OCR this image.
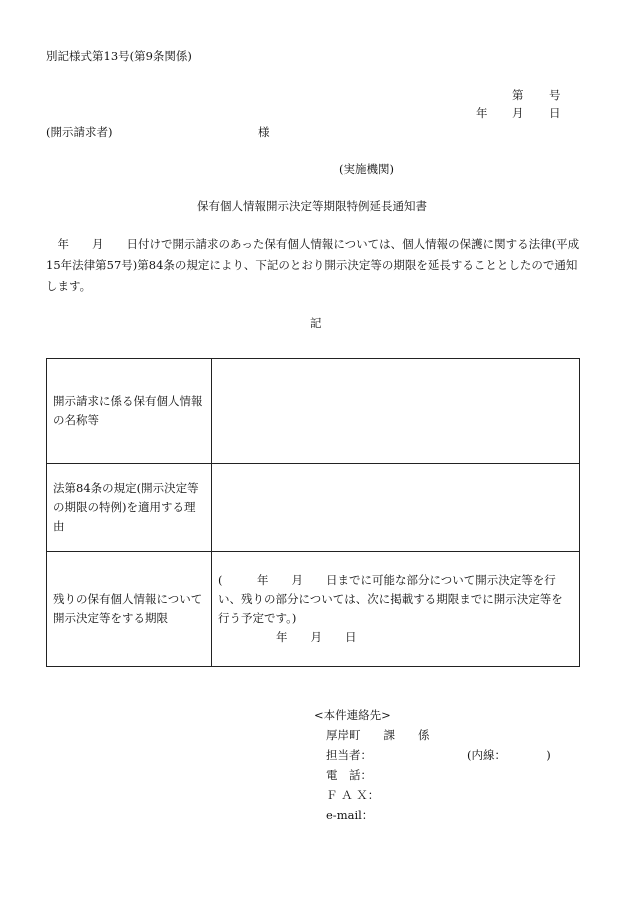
別記様式第13号(第9条関係)
第 号
年 月 日
(開示請求者)	様
(実施機関)
保有個人情報開示決定等期限特例延長通知書
　年　　月　　日付けで開示請求のあった保有個人情報については、個人情報の保護に関する法律(平成15年法律第57号)第84条の規定により、下記のとおり開示決定等の期限を延長することとしたので通知します。
記
開示請求に係る保有個人情報の名称等	
法第84条の規定(開示決定等の期限の特例)を適用する理由	
残りの保有個人情報について開示決定等をする期限	(　　　年　　月　　日までに可能な部分について開示決定等を行い、残りの部分については、次に掲載する期限までに開示決定等を行う予定です。)
年　　月　　日
<本件連絡先>
厚岸町　　課　　係
担当者：	(内線：　　　　)
電　話：
Ｆ Ａ Ｘ：
e-mail：
